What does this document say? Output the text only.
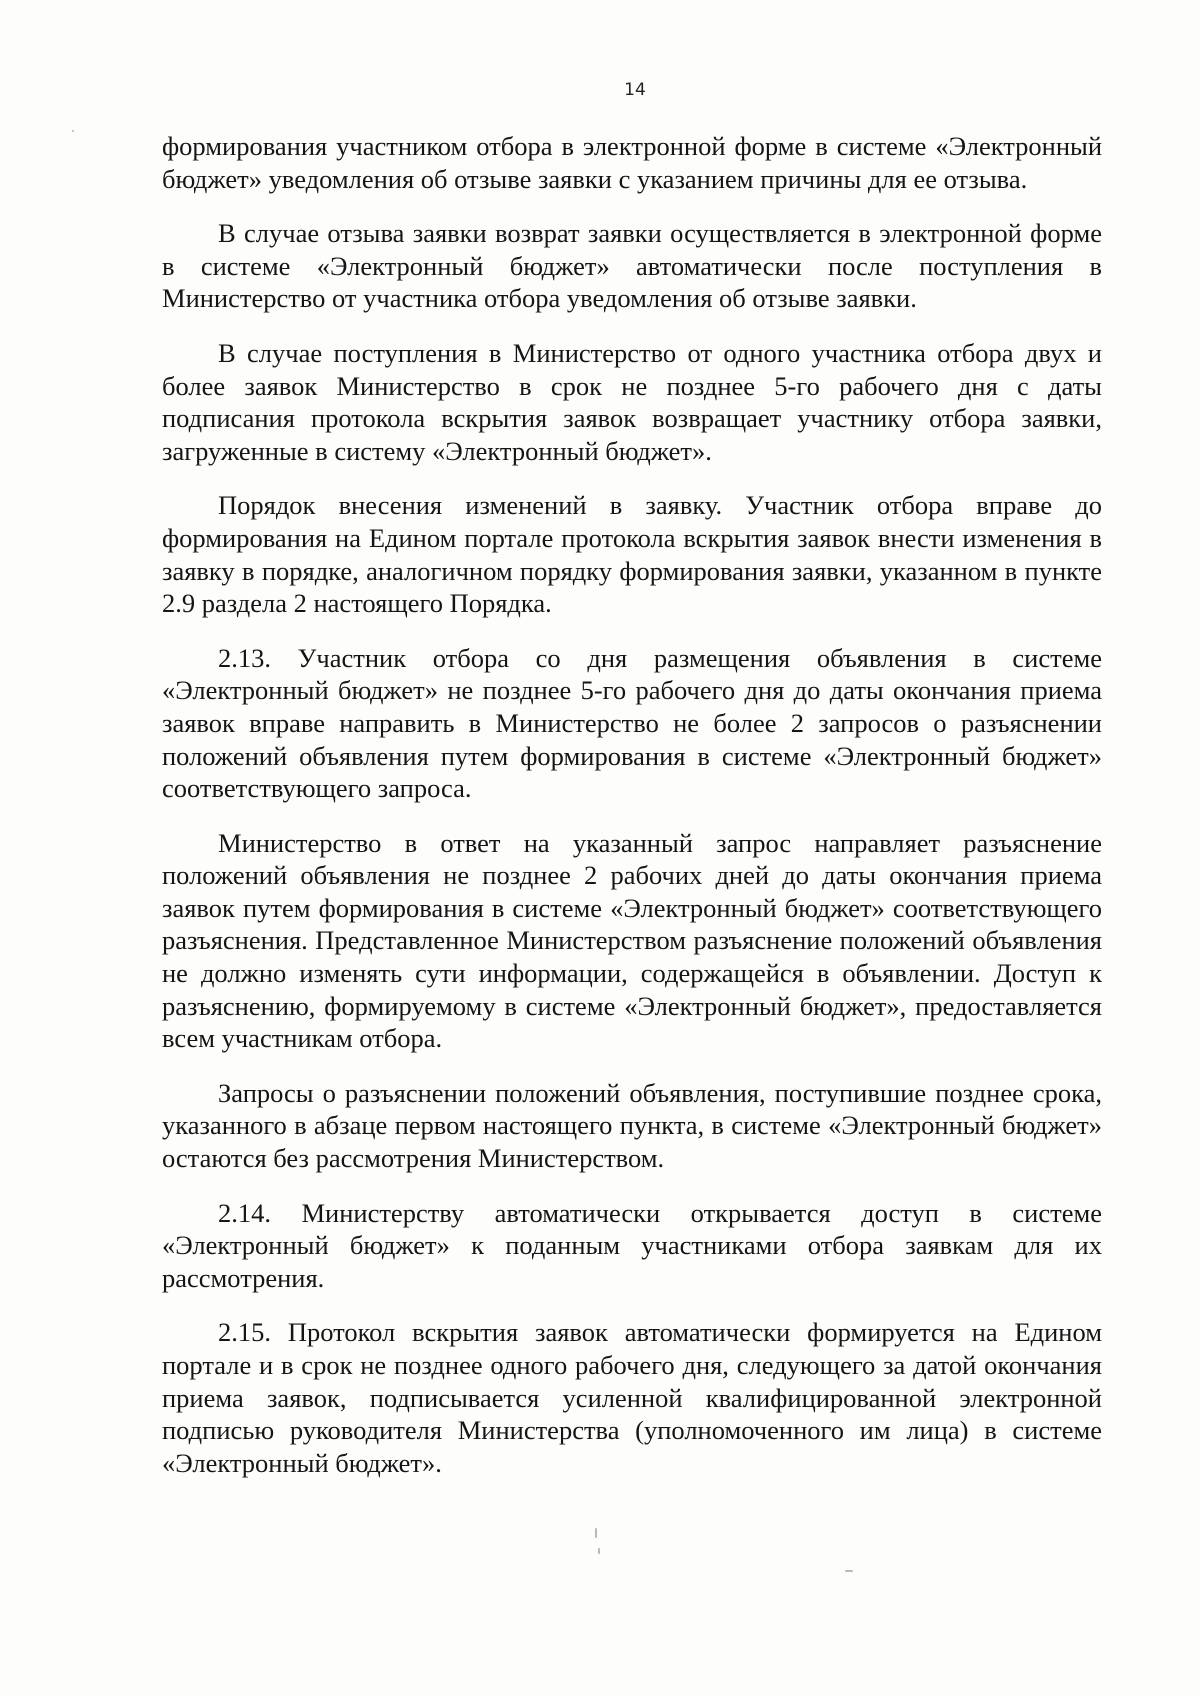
14

формирования участником отбора в электронной форме в системе «Электронный бюджет» уведомления об отзыве заявки с указанием причины для ее отзыва.

В случае отзыва заявки возврат заявки осуществляется в электронной форме в системе «Электронный бюджет» автоматически после поступления в Министерство от участника отбора уведомления об отзыве заявки.

В случае поступления в Министерство от одного участника отбора двух и более заявок Министерство в срок не позднее 5-го рабочего дня с даты подписания протокола вскрытия заявок возвращает участнику отбора заявки, загруженные в систему «Электронный бюджет».

Порядок внесения изменений в заявку. Участник отбора вправе до формирования на Едином портале протокола вскрытия заявок внести изменения в заявку в порядке, аналогичном порядку формирования заявки, указанном в пункте 2.9 раздела 2 настоящего Порядка.

2.13. Участник отбора со дня размещения объявления в системе «Электронный бюджет» не позднее 5-го рабочего дня до даты окончания приема заявок вправе направить в Министерство не более 2 запросов о разъяснении положений объявления путем формирования в системе «Электронный бюджет» соответствующего запроса.

Министерство в ответ на указанный запрос направляет разъяснение положений объявления не позднее 2 рабочих дней до даты окончания приема заявок путем формирования в системе «Электронный бюджет» соответствующего разъяснения. Представленное Министерством разъяснение положений объявления не должно изменять сути информации, содержащейся в объявлении. Доступ к разъяснению, формируемому в системе «Электронный бюджет», предоставляется всем участникам отбора.

Запросы о разъяснении положений объявления, поступившие позднее срока, указанного в абзаце первом настоящего пункта, в системе «Электронный бюджет» остаются без рассмотрения Министерством.

2.14. Министерству автоматически открывается доступ в системе «Электронный бюджет» к поданным участниками отбора заявкам для их рассмотрения.

2.15. Протокол вскрытия заявок автоматически формируется на Едином портале и в срок не позднее одного рабочего дня, следующего за датой окончания приема заявок, подписывается усиленной квалифицированной электронной подписью руководителя Министерства (уполномоченного им лица) в системе «Электронный бюджет».
